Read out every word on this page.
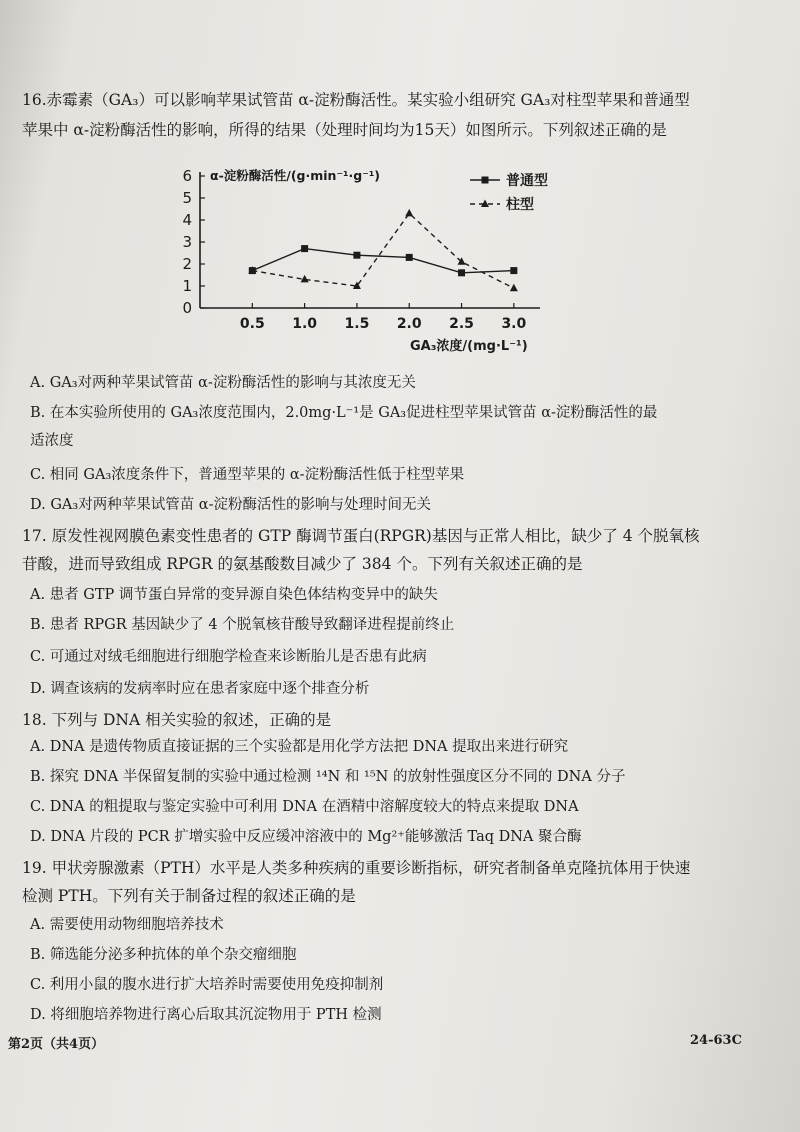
16.赤霉素（GA₃）可以影响苹果试管苗 α-淀粉酶活性。某实验小组研究 GA₃对柱型苹果和普通型
苹果中 α-淀粉酶活性的影响，所得的结果（处理时间均为15天）如图所示。下列叙述正确的是
0
1
2
3
4
5
6
0.5 1.0 1.5 2.0 2.5 3.0
α-淀粉酶活性/(g·min⁻¹·g⁻¹)
GA₃浓度/(mg·L⁻¹)
普通型
柱型
A. GA₃对两种苹果试管苗 α-淀粉酶活性的影响与其浓度无关
B. 在本实验所使用的 GA₃浓度范围内，2.0mg·L⁻¹是 GA₃促进柱型苹果试管苗 α-淀粉酶活性的最
适浓度
C. 相同 GA₃浓度条件下，普通型苹果的 α-淀粉酶活性低于柱型苹果
D. GA₃对两种苹果试管苗 α-淀粉酶活性的影响与处理时间无关
17. 原发性视网膜色素变性患者的 GTP 酶调节蛋白(RPGR)基因与正常人相比，缺少了 4 个脱氧核
苷酸，进而导致组成 RPGR 的氨基酸数目减少了 384 个。下列有关叙述正确的是
A. 患者 GTP 调节蛋白异常的变异源自染色体结构变异中的缺失
B. 患者 RPGR 基因缺少了 4 个脱氧核苷酸导致翻译进程提前终止
C. 可通过对绒毛细胞进行细胞学检查来诊断胎儿是否患有此病
D. 调查该病的发病率时应在患者家庭中逐个排查分析
18. 下列与 DNA 相关实验的叙述，正确的是
A. DNA 是遗传物质直接证据的三个实验都是用化学方法把 DNA 提取出来进行研究
B. 探究 DNA 半保留复制的实验中通过检测 ¹⁴N 和 ¹⁵N 的放射性强度区分不同的 DNA 分子
C. DNA 的粗提取与鉴定实验中可利用 DNA 在酒精中溶解度较大的特点来提取 DNA
D. DNA 片段的 PCR 扩增实验中反应缓冲溶液中的 Mg²⁺能够激活 Taq DNA 聚合酶
19. 甲状旁腺激素（PTH）水平是人类多种疾病的重要诊断指标，研究者制备单克隆抗体用于快速
检测 PTH。下列有关于制备过程的叙述正确的是
A. 需要使用动物细胞培养技术
B. 筛选能分泌多种抗体的单个杂交瘤细胞
C. 利用小鼠的腹水进行扩大培养时需要使用免疫抑制剂
D. 将细胞培养物进行离心后取其沉淀物用于 PTH 检测
第2页（共4页）	24-63C
